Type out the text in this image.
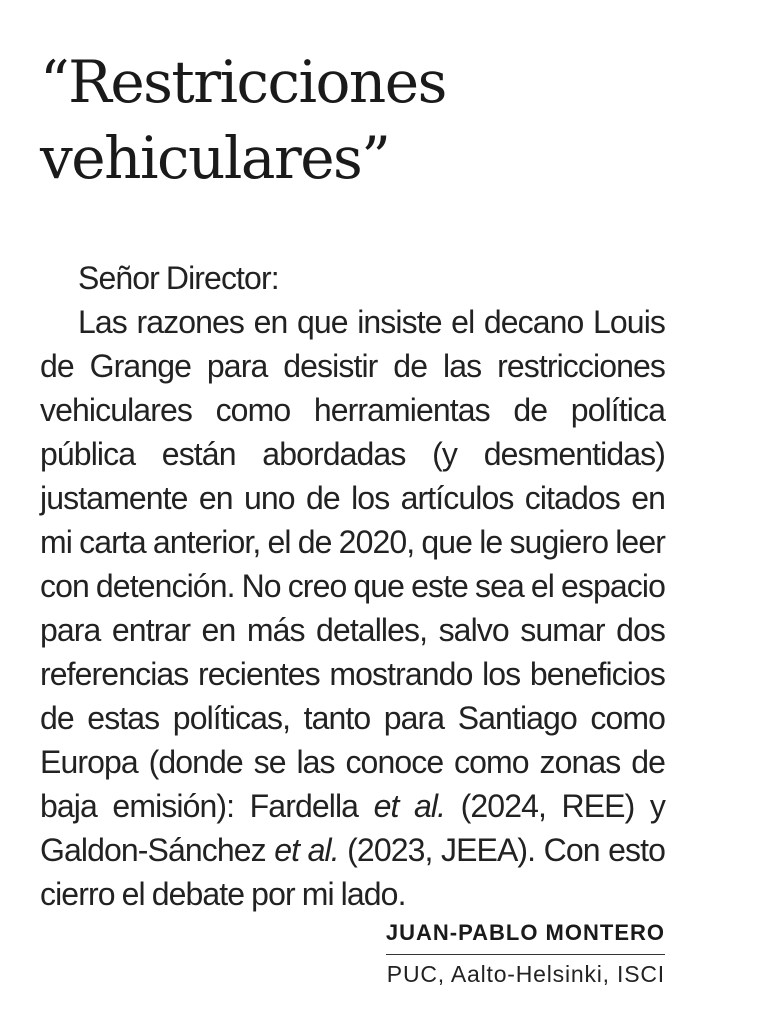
“Restricciones
vehiculares”

Señor Director:

Las razones en que insiste el decano Louis de Grange para desistir de las restricciones vehiculares como herramientas de política pública están abordadas (y desmentidas) justamente en uno de los artículos citados en mi carta anterior, el de 2020, que le sugiero leer con detención. No creo que este sea el espacio para entrar en más detalles, salvo sumar dos referencias recientes mostrando los beneficios de estas políticas, tanto para Santiago como Europa (donde se las conoce como zonas de baja emisión): Fardella et al. (2024, REE) y Galdon-Sánchez et al. (2023, JEEA). Con esto cierro el debate por mi lado.

JUAN-PABLO MONTERO
PUC, Aalto-Helsinki, ISCI
